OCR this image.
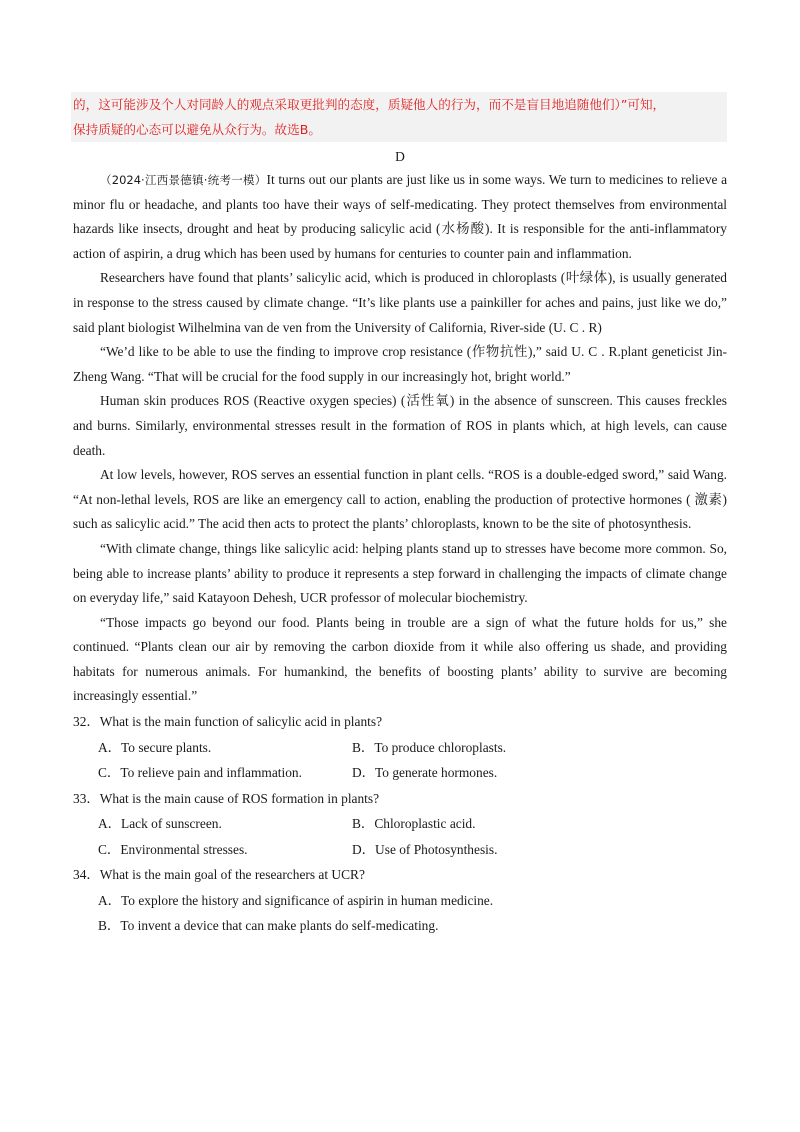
的，这可能涉及个人对同龄人的观点采取更批判的态度，质疑他人的行为，而不是盲目地追随他们）”可知，
保持质疑的心态可以避免从众行为。故选B。
D

（2024·江西景德镇·统考一模）It turns out our plants are just like us in some ways. We turn to medicines to relieve a minor flu or headache, and plants too have their ways of self-medicating. They protect themselves from environmental hazards like insects, drought and heat by producing salicylic acid (水杨酸). It is responsible for the anti-inflammatory action of aspirin, a drug which has been used by humans for centuries to counter pain and inflammation.

Researchers have found that plants’ salicylic acid, which is produced in chloroplasts (叶绿体), is usually generated in response to the stress caused by climate change. “It’s like plants use a painkiller for aches and pains, just like we do,” said plant biologist Wilhelmina van de ven from the University of California, River-side (U. C . R)

“We’d like to be able to use the finding to improve crop resistance (作物抗性),” said U. C . R.plant geneticist Jin-Zheng Wang. “That will be crucial for the food supply in our increasingly hot, bright world.”

Human skin produces ROS (Reactive oxygen species) (活性氧) in the absence of sunscreen. This causes freckles and burns. Similarly, environmental stresses result in the formation of ROS in plants which, at high levels, can cause death.

At low levels, however, ROS serves an essential function in plant cells. “ROS is a double-edged sword,” said Wang. “At non-lethal levels, ROS are like an emergency call to action, enabling the production of protective hormones ( 激素) such as salicylic acid.” The acid then acts to protect the plants’ chloroplasts, known to be the site of photosynthesis.

“With climate change, things like salicylic acid: helping plants stand up to stresses have become more common. So, being able to increase plants’ ability to produce it represents a step forward in challenging the impacts of climate change on everyday life,” said Katayoon Dehesh, UCR professor of molecular biochemistry.

“Those impacts go beyond our food. Plants being in trouble are a sign of what the future holds for us,” she continued. “Plants clean our air by removing the carbon dioxide from it while also offering us shade, and providing habitats for numerous animals. For humankind, the benefits of boosting plants’ ability to survive are becoming increasingly essential.”

32．What is the main function of salicylic acid in plants?
A．To secure plants.	B．To produce chloroplasts.
C．To relieve pain and inflammation.	D．To generate hormones.
33．What is the main cause of ROS formation in plants?
A．Lack of sunscreen.	B．Chloroplastic acid.
C．Environmental stresses.	D．Use of Photosynthesis.
34．What is the main goal of the researchers at UCR?
A．To explore the history and significance of aspirin in human medicine.
B．To invent a device that can make plants do self-medicating.
